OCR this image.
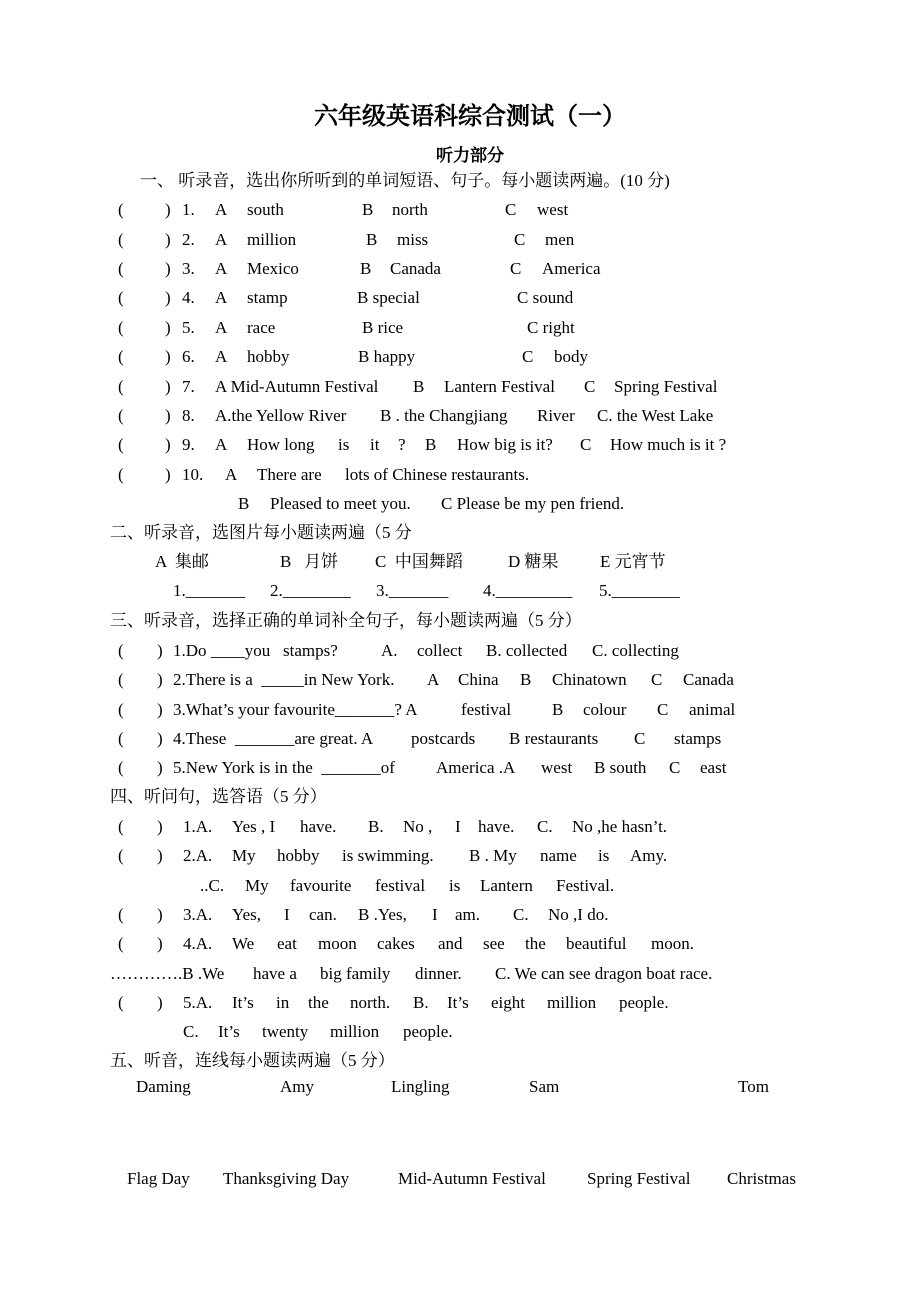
六年级英语科综合测试（一）
听力部分
一、 听录音，选出你所听到的单词短语、句子。每小题读两遍。(10 分)
( ) 1. A south	B north	C west
( ) 2. A million	B miss	C men
( ) 3. A Mexico	B Canada	C America
( ) 4. A stamp	B special	C sound
( ) 5. A race	B rice	C right
( ) 6. A hobby	B happy	C body
( ) 7. A Mid-Autumn Festival B Lantern Festival C Spring Festival
( ) 8. A.the Yellow River B . the Changjiang River C. the West Lake
( ) 9. A How long is it ? B How big is it? C How much is it ?
( ) 10. A There are lots of Chinese restaurants.
B Pleased to meet you. C Please be my pen friend.
二、听录音，选图片每小题读两遍（5 分
A  集邮	B   月饼 C  中国舞蹈	D 糖果 E 元宵节
1._______ 2.________ 3._______ 4._________ 5.________
三、听录音，选择正确的单词补全句子，每小题读两遍（5 分）
( ) 1.Do ____you   stamps?	A. collect B. collected C. collecting
( ) 2.There is a  _____in New York. A China B Chinatown C Canada
( ) 3.What’s your favourite_______? A	festival B colour C animal
( ) 4.These  _______are great. A postcards B restaurants C stamps
( ) 5.New York is in the  _______of America .A west B south C east
四、听问句，选答语（5 分）
( ) 1.A. Yes , I have. B. No , I have. C. No ,he hasn’t.
( ) 2.A. My hobby is swimming. B . My name is Amy.
..C. My favourite festival is Lantern Festival.
( ) 3.A. Yes, I can. B .Yes, I am. C. No ,I do.
( ) 4.A. We eat moon cakes and see the beautiful moon.
………….B .We have a big family dinner. C. We can see dragon boat race.
( ) 5.A. It’s in the north. B. It’s eight million people.
C. It’s twenty million people.
五、听音，连线每小题读两遍（5 分）
Daming	Amy	Lingling	Sam	Tom
Flag Day Thanksgiving Day	Mid-Autumn Festival Spring Festival Christmas
